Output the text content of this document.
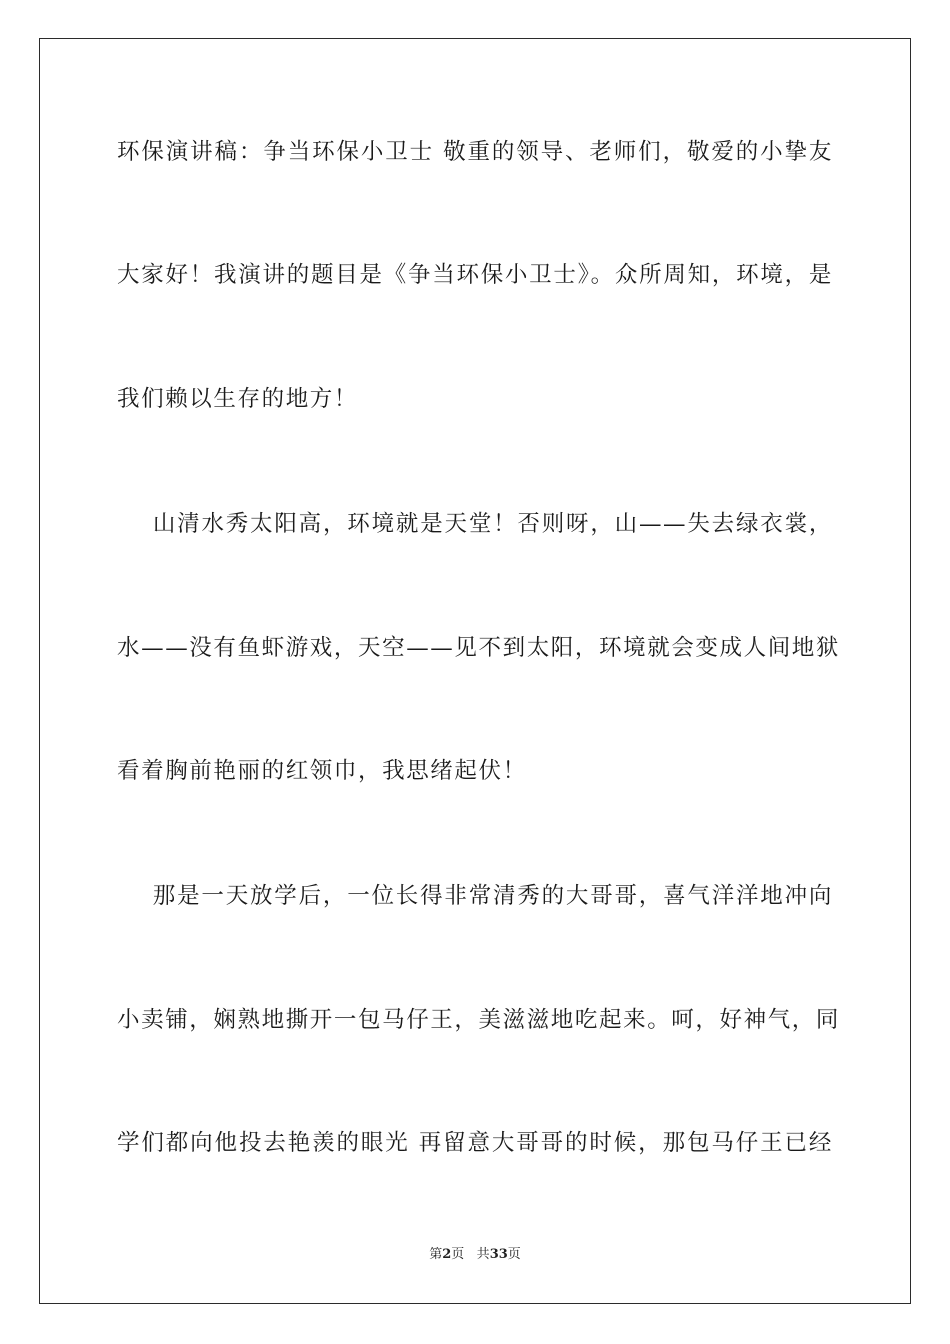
环保演讲稿：争当环保小卫士 敬重的领导、老师们，敬爱的小挚友
大家好！我演讲的题目是《争当环保小卫士》。众所周知，环境，是
我们赖以生存的地方！
山清水秀太阳高，环境就是天堂！否则呀，山——失去绿衣裳，
水——没有鱼虾游戏，天空——见不到太阳，环境就会变成人间地狱
看着胸前艳丽的红领巾，我思绪起伏！
那是一天放学后，一位长得非常清秀的大哥哥，喜气洋洋地冲向
小卖铺，娴熟地撕开一包马仔王，美滋滋地吃起来。呵，好神气，同
学们都向他投去艳羡的眼光 再留意大哥哥的时候，那包马仔王已经
第2页 共33页
